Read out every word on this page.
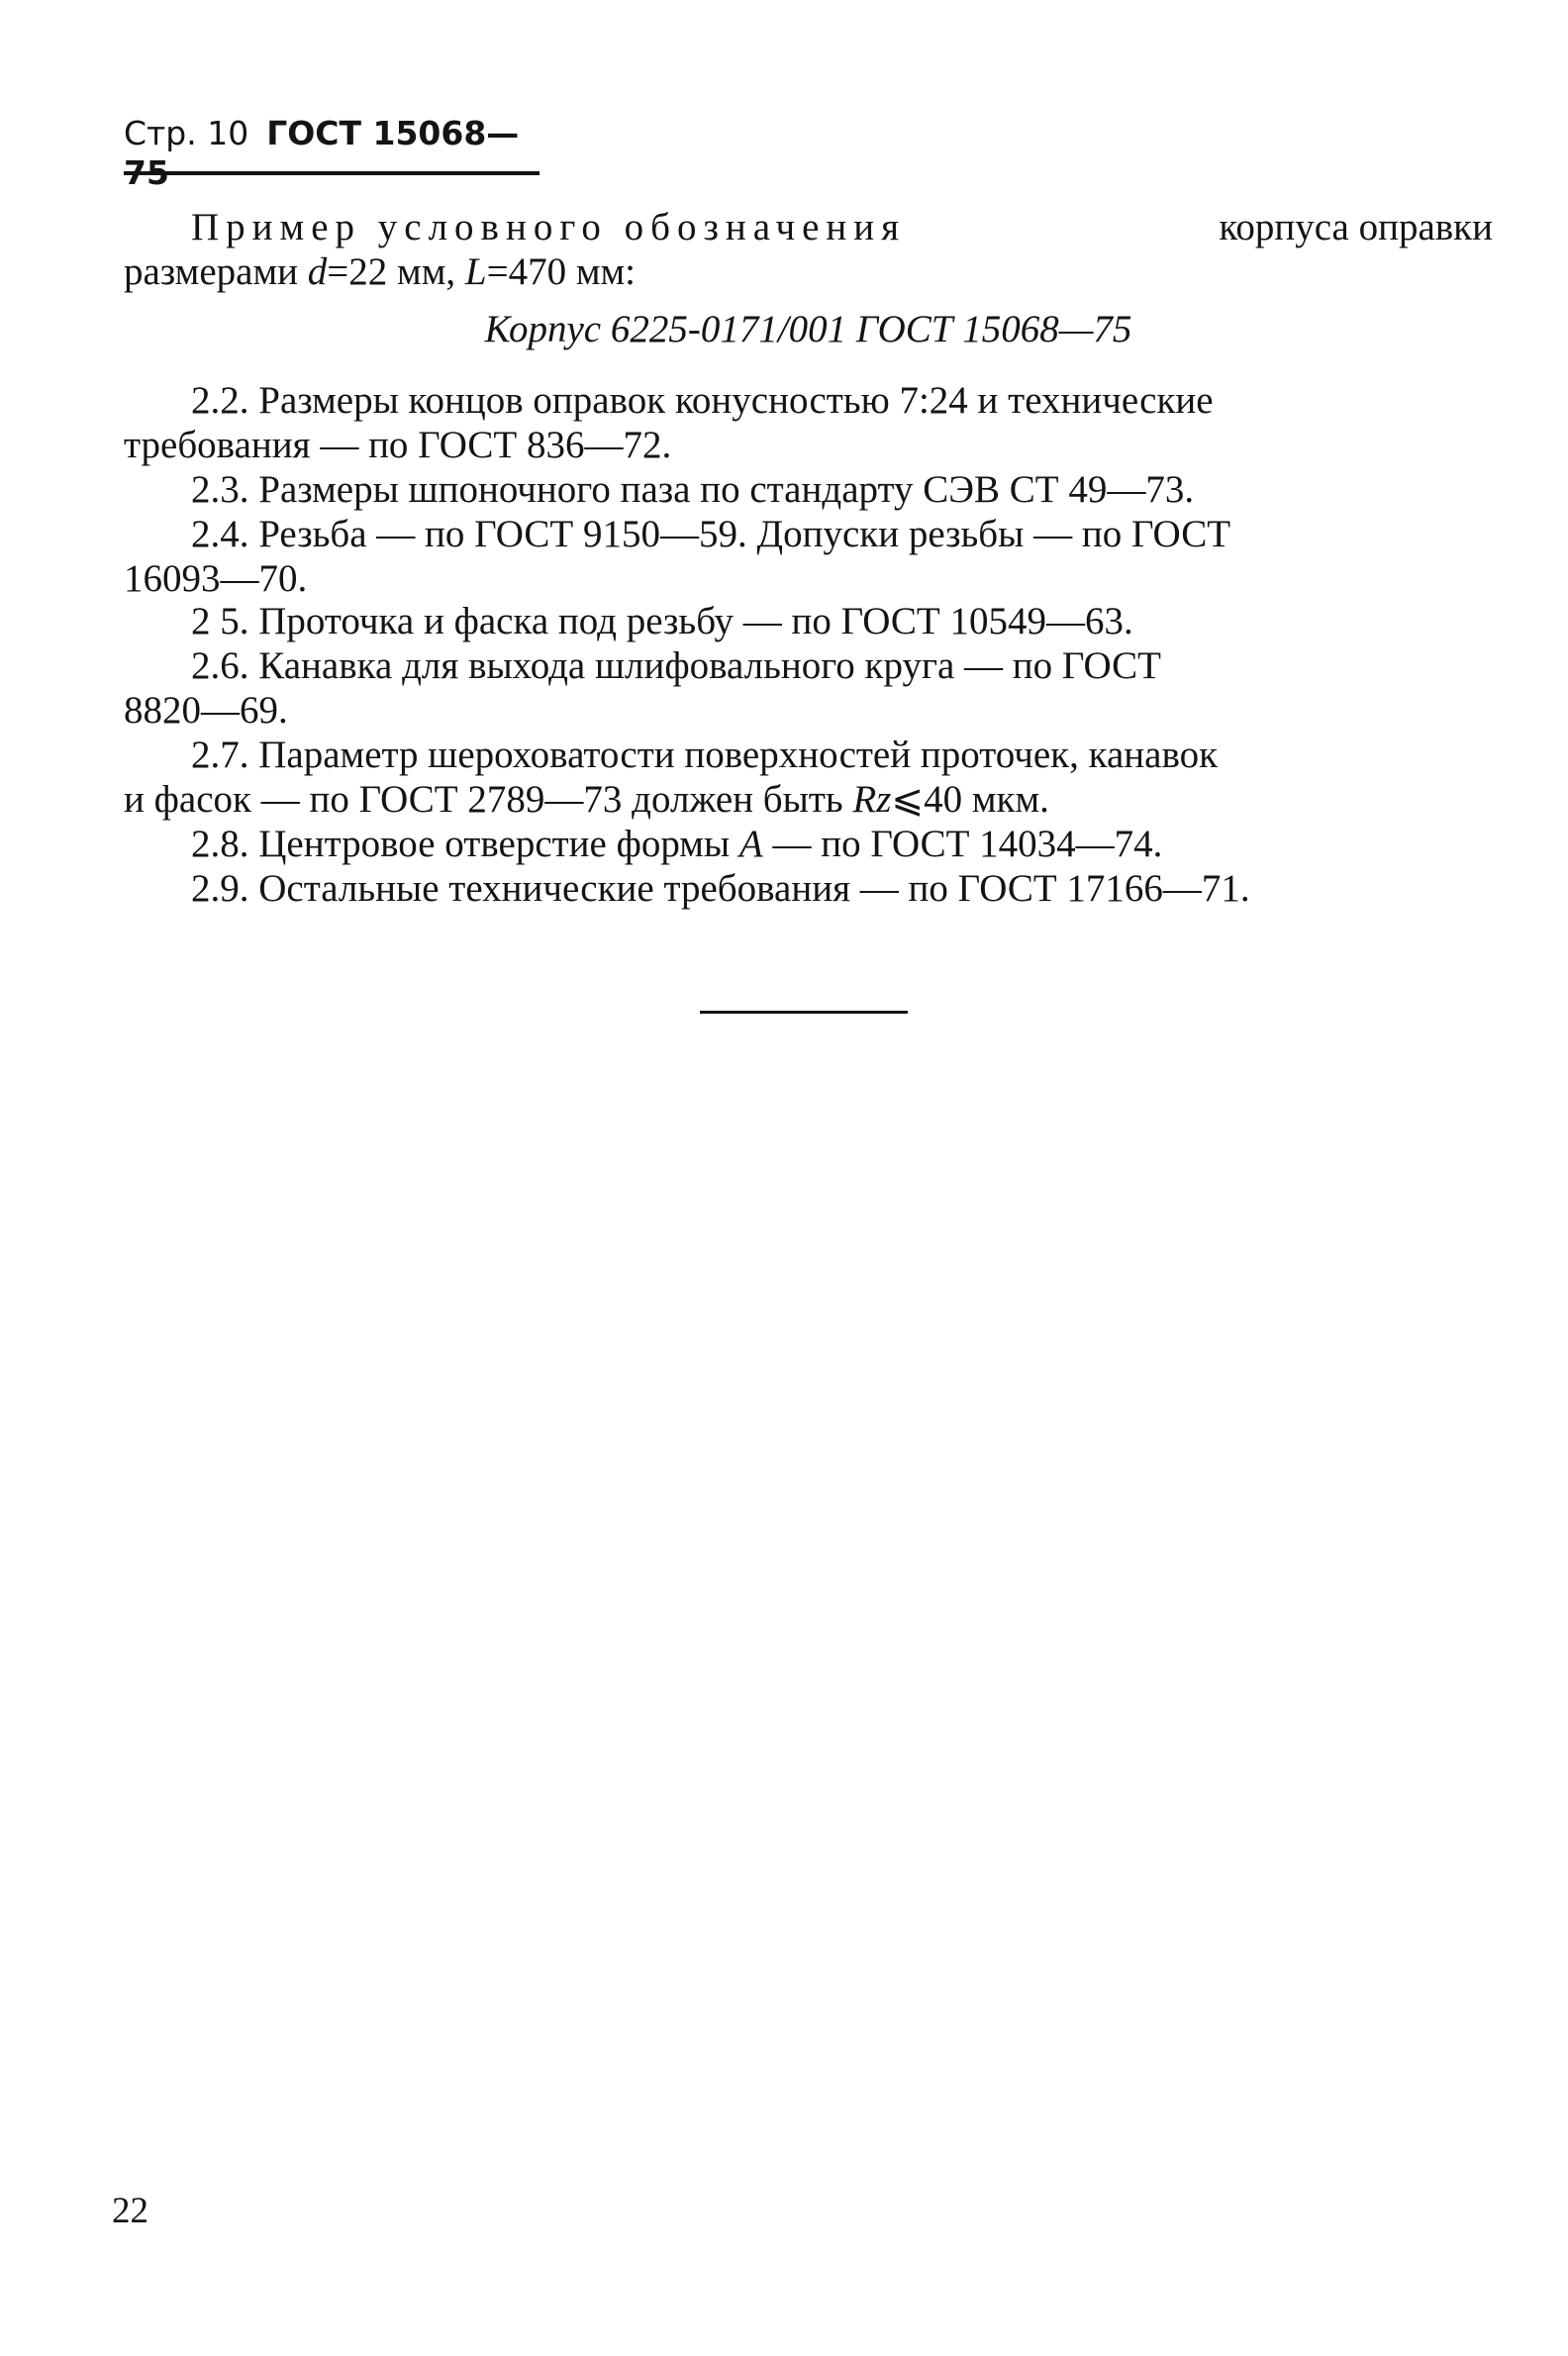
Стр. 10 ГОСТ 15068—75
Пример условного обозначения	корпуса оправки
размерами d=22 мм, L=470 мм:
Корпус 6225-0171/001 ГОСТ 15068—75
2.2. Размеры концов оправок конусностью 7:24 и технические
требования — по ГОСТ 836—72.
2.3. Размеры шпоночного паза по стандарту СЭВ СТ 49—73.
2.4. Резьба — по ГОСТ 9150—59. Допуски резьбы — по ГОСТ
16093—70.
2 5. Проточка и фаска под резьбу — по ГОСТ 10549—63.
2.6. Канавка для выхода шлифовального круга — по ГОСТ
8820—69.
2.7. Параметр шероховатости поверхностей проточек, канавок
и фасок — по ГОСТ 2789—73 должен быть Rz⩽40 мкм.
2.8. Центровое отверстие формы А — по ГОСТ 14034—74.
2.9. Остальные технические требования — по ГОСТ 17166—71.
22
